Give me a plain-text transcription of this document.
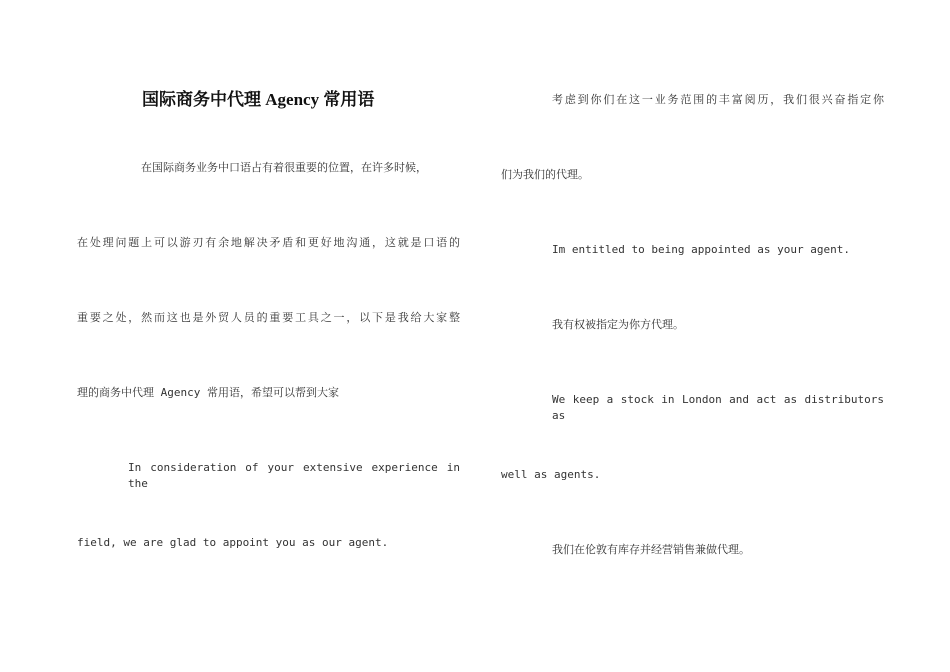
国际商务中代理 Agency 常用语

在国际商务业务中口语占有着很重要的位置，在许多时候，

在处理问题上可以游刃有余地解决矛盾和更好地沟通，这就是口语的

重要之处，然而这也是外贸人员的重要工具之一，以下是我给大家整

理的商务中代理 Agency 常用语，希望可以帮到大家

In consideration of your extensive experience in the

field, we are glad to appoint you as our agent.

考虑到你们在这一业务范围的丰富阅历，我们很兴奋指定你

们为我们的代理。

Im entitled to being appointed as your agent.

我有权被指定为你方代理。

We keep a stock in London and act as distributors as

well as agents.

我们在伦敦有库存并经营销售兼做代理。
